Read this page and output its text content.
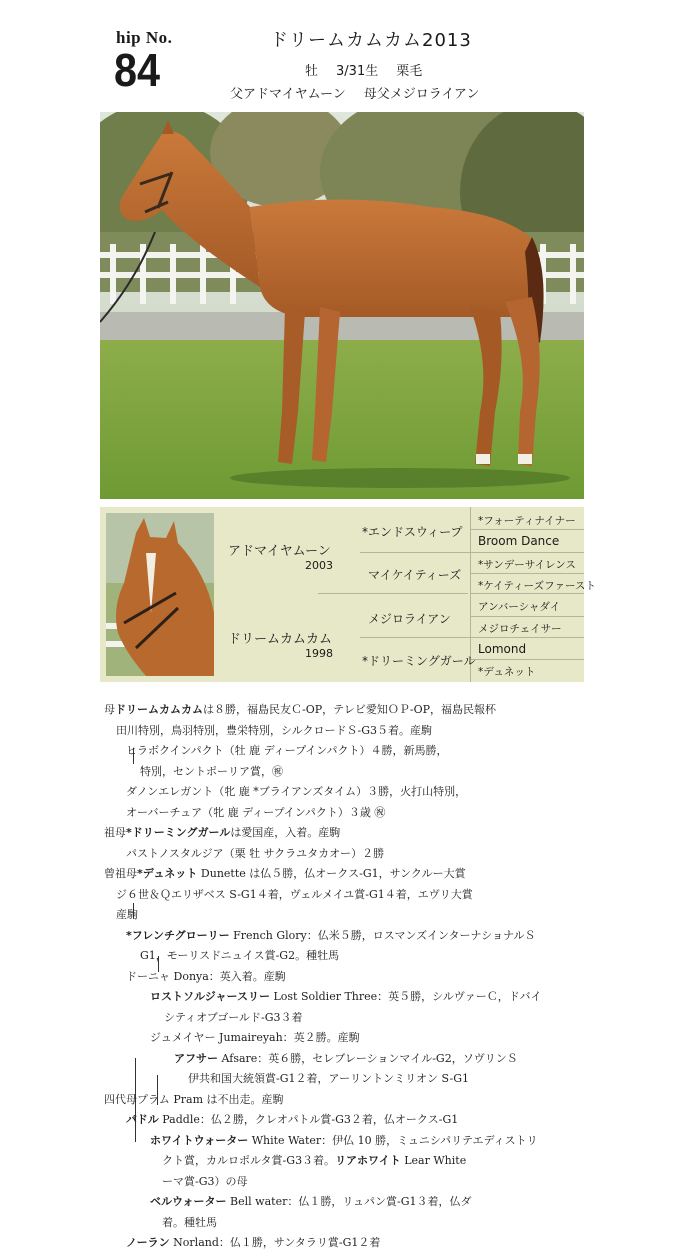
hip No.
84
ドリームカムカム2013
牡 3/31生 栗毛
父アドマイヤムーン 母父メジロライアン
アドマイヤムーン
2003
ドリームカムカム
1998
*エンドスウィープ
マイケイティーズ
メジロライアン
*ドリーミングガール
*フォーティナイナー
Broom Dance
*サンデーサイレンス
*ケイティーズファースト
アンバーシャダイ
メジロチェイサー
Lomond
*デュネット
母ドリームカムカムは８勝，福島民友Ｃ-OP，テレビ愛知ＯＰ-OP，福島民報杯
田川特別，鳥羽特別，豊栄特別，シルクロードＳ-G3５着。産駒
ヒラボクインパクト（牡 鹿 ディープインパクト）４勝，新馬勝，
特別，セントポーリア賞，㊗
ダノンエレガント（牝 鹿 *ブライアンズタイム）３勝，火打山特別，
オーバーチュア（牝 鹿 ディープインパクト）３歳 ㊗
祖母*ドリーミングガールは愛国産，入着。産駒
パストノスタルジア（栗 牡 サクラユタカオー）２勝
曾祖母*デュネット Dunette は仏５勝，仏オークス-G1，サンクルー大賞
ジ６世＆Ｑエリザベス S-G1４着，ヴェルメイユ賞-G1４着，エヴリ大賞
産駒
*フレンチグローリー French Glory：仏米５勝，ロスマンズインターナショナルＳ
G1，モーリスドニュイス賞-G2。種牡馬
ドーニャ Donya：英入着。産駒
ロストソルジャースリー Lost Soldier Three：英５勝，シルヴァーＣ，ドバイ
シティオブゴールド-G3３着
ジュメイヤー Jumaireyah：英２勝。産駒
アフサー Afsare：英６勝，セレブレーションマイル-G2，ソヴリンＳ
伊共和国大統領賞-G1２着，アーリントンミリオン S-G1
四代母プラム Pram は不出走。産駒
パドル Paddle：仏２勝，クレオパトル賞-G3２着，仏オークス-G1
ホワイトウォーター White Water：伊仏 10 勝，ミュニシパリテエディストリ
クト賞，カルロポルタ賞-G3３着。リアホワイト Lear White
ーマ賞-G3）の母
ベルウォーター Bell water：仏１勝，リュパン賞-G1３着，仏ダ
着。種牡馬
ノーラン Norland：仏１勝，サンタラリ賞-G1２着
